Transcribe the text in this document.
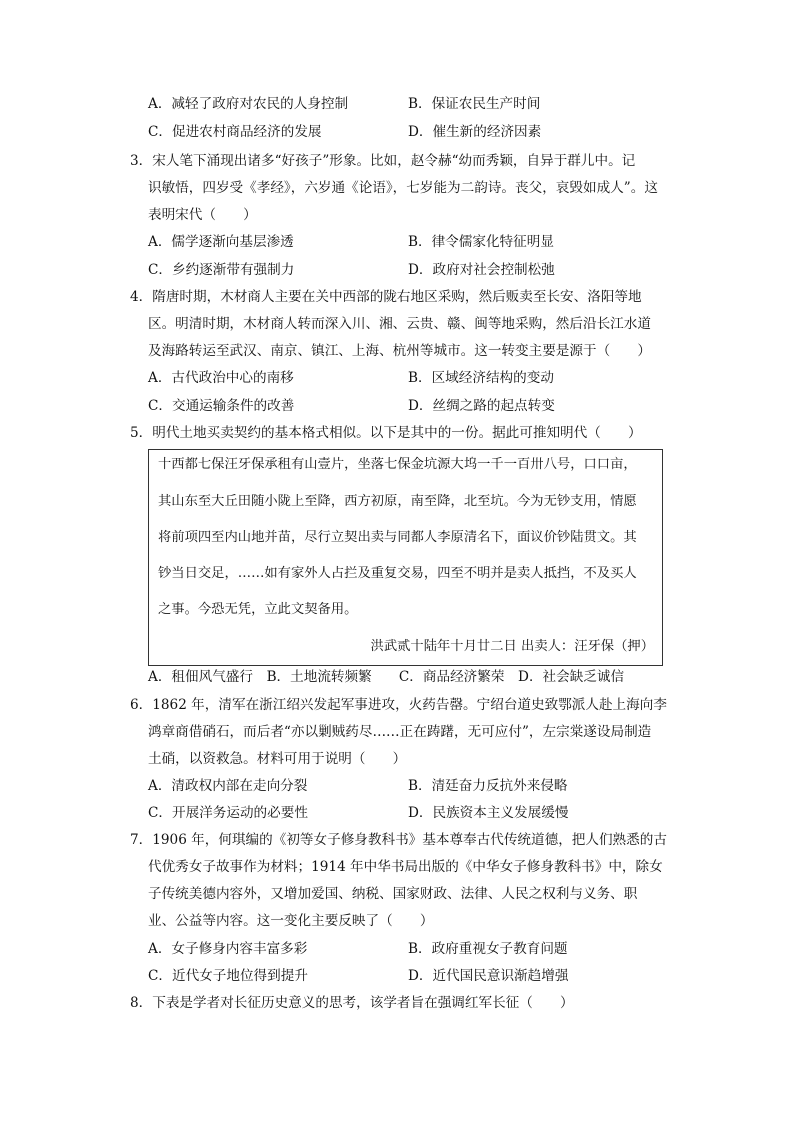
A．减轻了政府对农民的人身控制	B．保证农民生产时间
C．促进农村商品经济的发展	D．催生新的经济因素
3．宋人笔下涌现出诸多“好孩子”形象。比如，赵令赫“幼而秀颖，自异于群儿中。记
识敏悟，四岁受《孝经》，六岁通《论语》，七岁能为二韵诗。丧父，哀毁如成人”。这
表明宋代（　　）
A．儒学逐渐向基层渗透	B．律令儒家化特征明显
C．乡约逐渐带有强制力	D．政府对社会控制松弛
4．隋唐时期，木材商人主要在关中西部的陇右地区采购，然后贩卖至长安、洛阳等地
区。明清时期，木材商人转而深入川、湘、云贵、赣、闽等地采购，然后沿长江水道
及海路转运至武汉、南京、镇江、上海、杭州等城市。这一转变主要是源于（　　）
A．古代政治中心的南移	B．区域经济结构的变动
C．交通运输条件的改善	D．丝绸之路的起点转变
5．明代土地买卖契约的基本格式相似。以下是其中的一份。据此可推知明代（　　）
十西都七保汪牙保承租有山壹片，坐落七保金坑源大坞一千一百卅八号，口口亩，
其山东至大丘田随小陇上至降，西方初原，南至降，北至坑。今为无钞支用，情愿
将前项四至内山地并苗，尽行立契出卖与同都人李原清名下，面议价钞陆贯文。其
钞当日交足，……如有家外人占拦及重复交易，四至不明并是卖人抵挡，不及买人
之事。今恐无凭，立此文契备用。
洪武贰十陆年十月廿二日 出卖人：汪牙保（押）
A．租佃风气盛行　B．土地流转频繁　　C．商品经济繁荣　D．社会缺乏诚信
6．1862 年，清军在浙江绍兴发起军事进攻，火药告罄。宁绍台道史致鄂派人赴上海向李
鸿章商借硝石，而后者“亦以剿贼药尽……正在踌躇，无可应付”，左宗棠遂设局制造
土硝，以资救急。材料可用于说明（　　）
A．清政权内部在走向分裂	B．清廷奋力反抗外来侵略
C．开展洋务运动的必要性	D．民族资本主义发展缓慢
7．1906 年，何琪编的《初等女子修身教科书》基本尊奉古代传统道德，把人们熟悉的古
代优秀女子故事作为材料；1914 年中华书局出版的《中华女子修身教科书》中，除女
子传统美德内容外，又增加爱国、纳税、国家财政、法律、人民之权利与义务、职
业、公益等内容。这一变化主要反映了（　　）
A．女子修身内容丰富多彩	B．政府重视女子教育问题
C．近代女子地位得到提升	D．近代国民意识渐趋增强
8．下表是学者对长征历史意义的思考，该学者旨在强调红军长征（　　）
